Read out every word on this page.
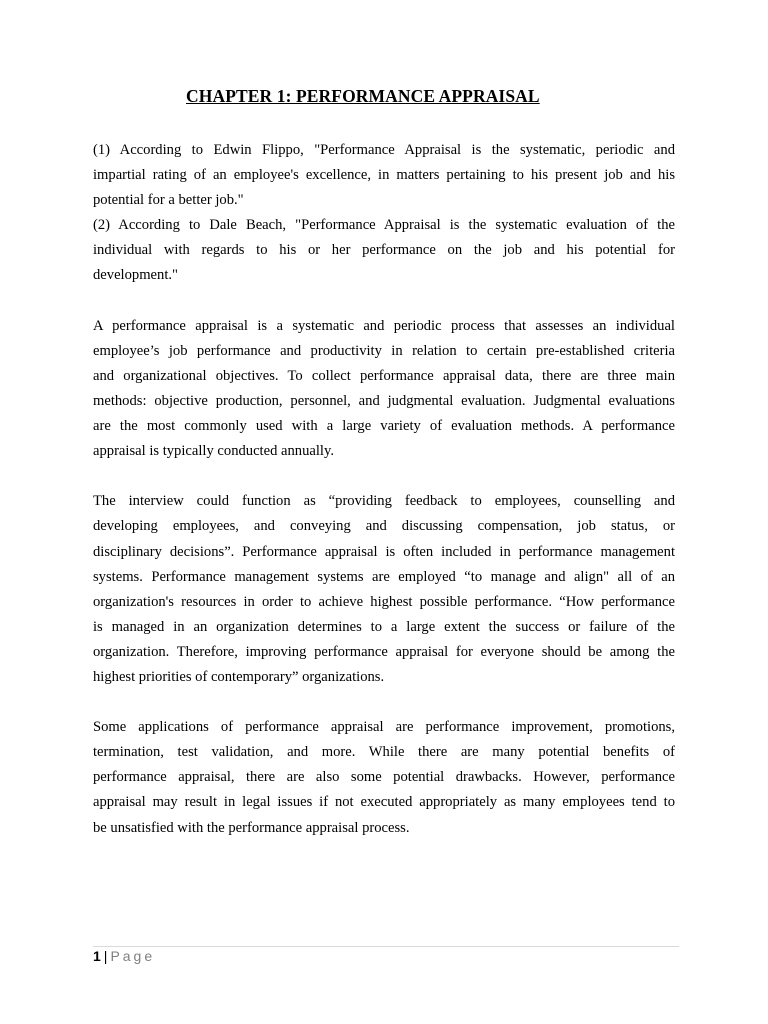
CHAPTER 1: PERFORMANCE APPRAISAL

(1) According to Edwin Flippo, "Performance Appraisal is the systematic, periodic and
impartial rating of an employee's excellence, in matters pertaining to his present job and his
potential for a better job."

(2) According to Dale Beach, "Performance Appraisal is the systematic evaluation of the
individual with regards to his or her performance on the job and his potential for
development."

A performance appraisal is a systematic and periodic process that assesses an individual
employee’s job performance and productivity in relation to certain pre-established criteria
and organizational objectives. To collect performance appraisal data, there are three main
methods: objective production, personnel, and judgmental evaluation. Judgmental evaluations
are the most commonly used with a large variety of evaluation methods. A performance
appraisal is typically conducted annually.

The interview could function as “providing feedback to employees, counselling and
developing employees, and conveying and discussing compensation, job status, or
disciplinary decisions”. Performance appraisal is often included in performance management
systems. Performance management systems are employed “to manage and align" all of an
organization's resources in order to achieve highest possible performance. “How performance
is managed in an organization determines to a large extent the success or failure of the
organization. Therefore, improving performance appraisal for everyone should be among the
highest priorities of contemporary” organizations.

Some applications of performance appraisal are performance improvement, promotions,
termination, test validation, and more. While there are many potential benefits of
performance appraisal, there are also some potential drawbacks. However, performance
appraisal may result in legal issues if not executed appropriately as many employees tend to
be unsatisfied with the performance appraisal process.

1 | Page
